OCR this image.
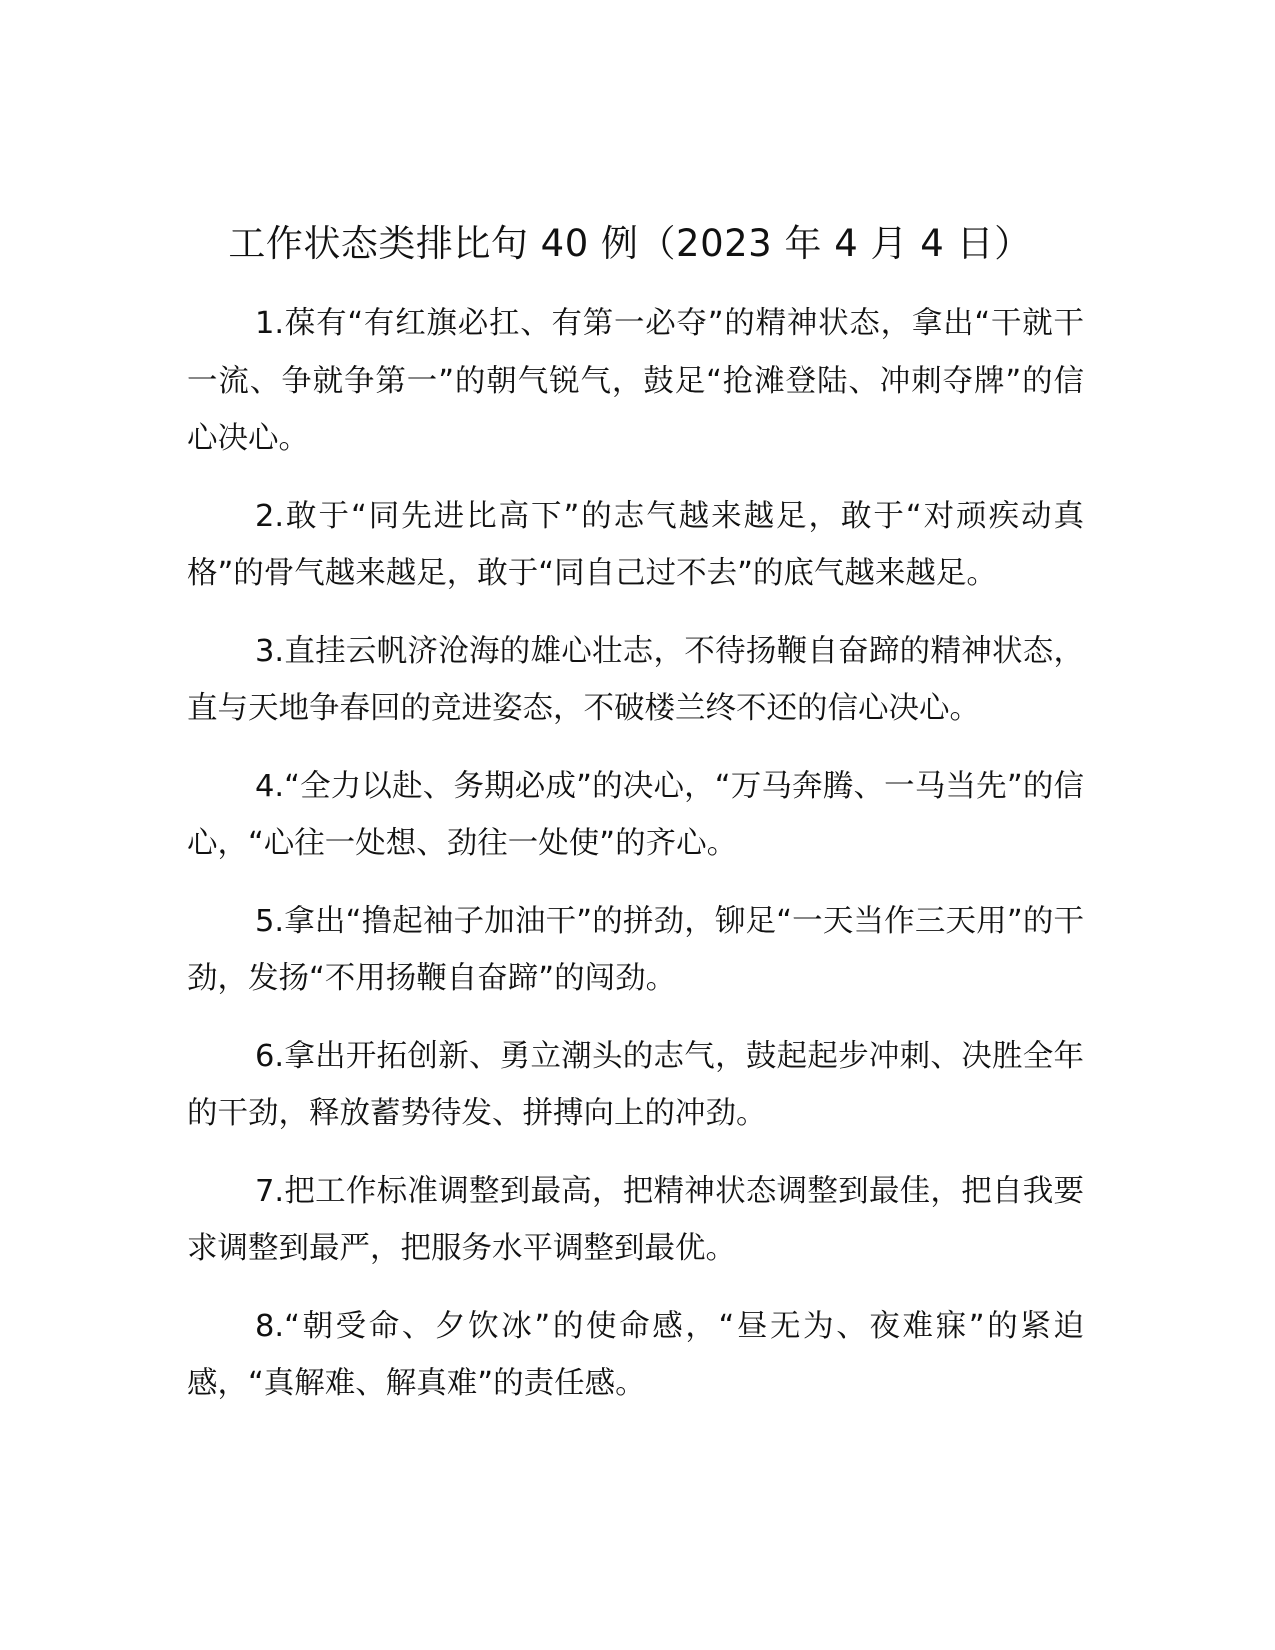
工作状态类排比句 40 例（2023 年 4 月 4 日）

1.葆有“有红旗必扛、有第一必夺”的精神状态，拿出“干就干一流、争就争第一”的朝气锐气，鼓足“抢滩登陆、冲刺夺牌”的信心决心。

2.敢于“同先进比高下”的志气越来越足，敢于“对顽疾动真格”的骨气越来越足，敢于“同自己过不去”的底气越来越足。

3.直挂云帆济沧海的雄心壮志，不待扬鞭自奋蹄的精神状态，直与天地争春回的竞进姿态，不破楼兰终不还的信心决心。

4.“全力以赴、务期必成”的决心，“万马奔腾、一马当先”的信心，“心往一处想、劲往一处使”的齐心。

5.拿出“撸起袖子加油干”的拼劲，铆足“一天当作三天用”的干劲，发扬“不用扬鞭自奋蹄”的闯劲。

6.拿出开拓创新、勇立潮头的志气，鼓起起步冲刺、决胜全年的干劲，释放蓄势待发、拼搏向上的冲劲。

7.把工作标准调整到最高，把精神状态调整到最佳，把自我要求调整到最严，把服务水平调整到最优。

8.“朝受命、夕饮冰”的使命感，“昼无为、夜难寐”的紧迫感，“真解难、解真难”的责任感。
